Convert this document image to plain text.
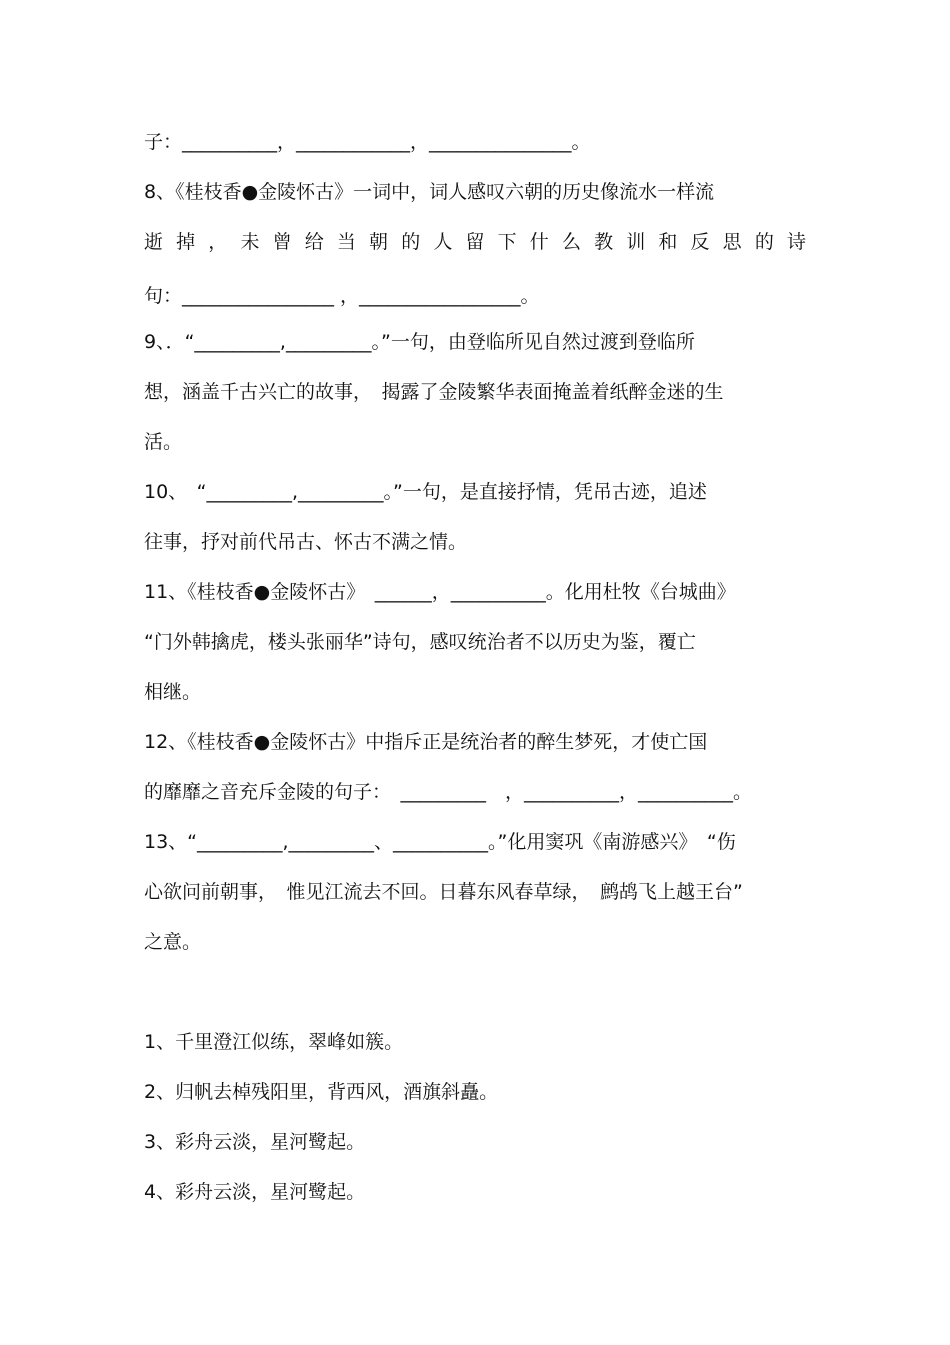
子：__________，____________，_______________。
8、《桂枝香●金陵怀古》一词中，词人感叹六朝的历史像流水一样流
逝掉，未曾给当朝的人留下什么教训和反思的诗
句：________________ ，_________________。
9、．“_________,_________。”一句，由登临所见自然过渡到登临所
想，涵盖千古兴亡的故事，　揭露了金陵繁华表面掩盖着纸醉金迷的生
活。
10、　“_________,_________。”一句，是直接抒情，凭吊古迹，追述
往事，抒对前代吊古、怀古不满之情。
11、《桂枝香●金陵怀古》　______，__________。化用杜牧《台城曲》
“门外韩擒虎，楼头张丽华”诗句，感叹统治者不以历史为鉴，覆亡
相继。
12、《桂枝香●金陵怀古》中指斥正是统治者的醉生梦死，才使亡国
的靡靡之音充斥金陵的句子：　_________　，__________，__________。
13、“_________,_________、__________。”化用窦巩《南游感兴》　“伤
心欲问前朝事，　惟见江流去不回。日暮东风春草绿，　鹧鸪飞上越王台”
之意。
1、千里澄江似练，翠峰如簇。
2、归帆去棹残阳里，背西风，酒旗斜矗。
3、彩舟云淡，星河鹭起。
4、彩舟云淡，星河鹭起。
